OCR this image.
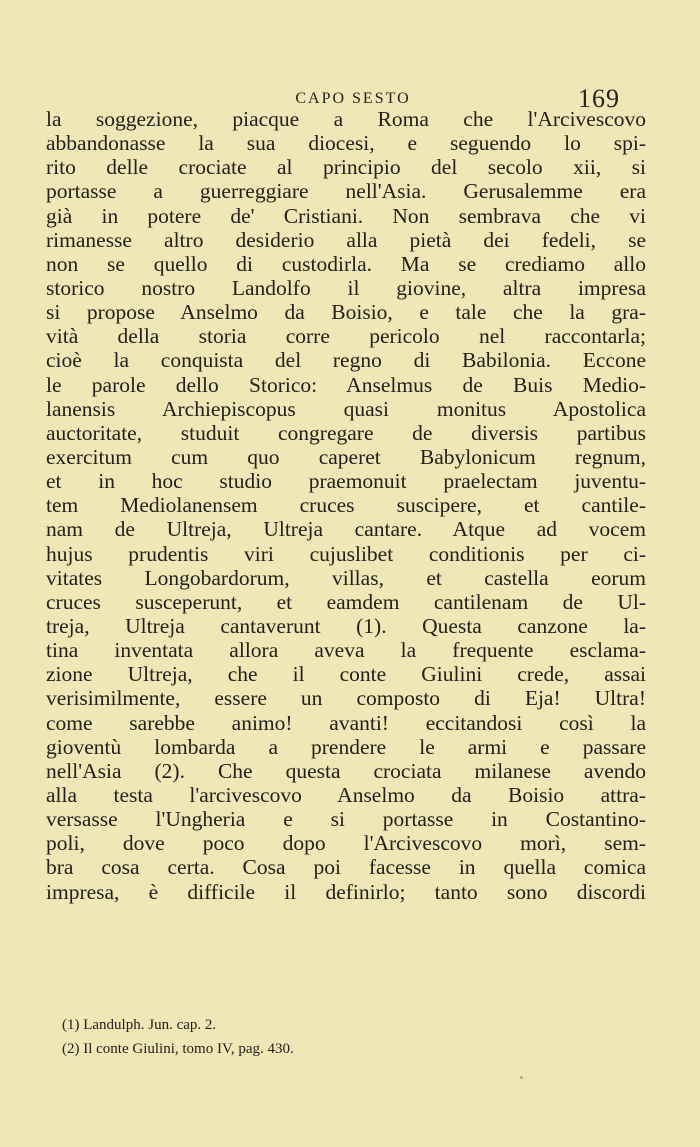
CAPO SESTO	169
la soggezione, piacque a Roma che l'Arcivescovo
abbandonasse la sua diocesi, e seguendo lo spi-
rito delle crociate al principio del secolo xii, si
portasse a guerreggiare nell'Asia. Gerusalemme era
già in potere de' Cristiani. Non sembrava che vi
rimanesse altro desiderio alla pietà dei fedeli, se
non se quello di custodirla. Ma se crediamo allo
storico nostro Landolfo il giovine, altra impresa
si propose Anselmo da Boisio, e tale che la gra-
vità della storia corre pericolo nel raccontarla;
cioè la conquista del regno di Babilonia. Eccone
le parole dello Storico: Anselmus de Buis Medio-
lanensis Archiepiscopus quasi monitus Apostolica
auctoritate, studuit congregare de diversis partibus
exercitum cum quo caperet Babylonicum regnum,
et in hoc studio praemonuit praelectam juventu-
tem Mediolanensem cruces suscipere, et cantile-
nam de Ultreja, Ultreja cantare. Atque ad vocem
hujus prudentis viri cujuslibet conditionis per ci-
vitates Longobardorum, villas, et castella eorum
cruces susceperunt, et eamdem cantilenam de Ul-
treja, Ultreja cantaverunt (1). Questa canzone la-
tina inventata allora aveva la frequente esclama-
zione Ultreja, che il conte Giulini crede, assai
verisimilmente, essere un composto di Eja! Ultra!
come sarebbe animo! avanti! eccitandosi così la
gioventù lombarda a prendere le armi e passare
nell'Asia (2). Che questa crociata milanese avendo
alla testa l'arcivescovo Anselmo da Boisio attra-
versasse l'Ungheria e si portasse in Costantino-
poli, dove poco dopo l'Arcivescovo morì, sem-
bra cosa certa. Cosa poi facesse in quella comica
impresa, è difficile il definirlo; tanto sono discordi
(1) Landulph. Jun. cap. 2.
(2) Il conte Giulini, tomo IV, pag. 430.
